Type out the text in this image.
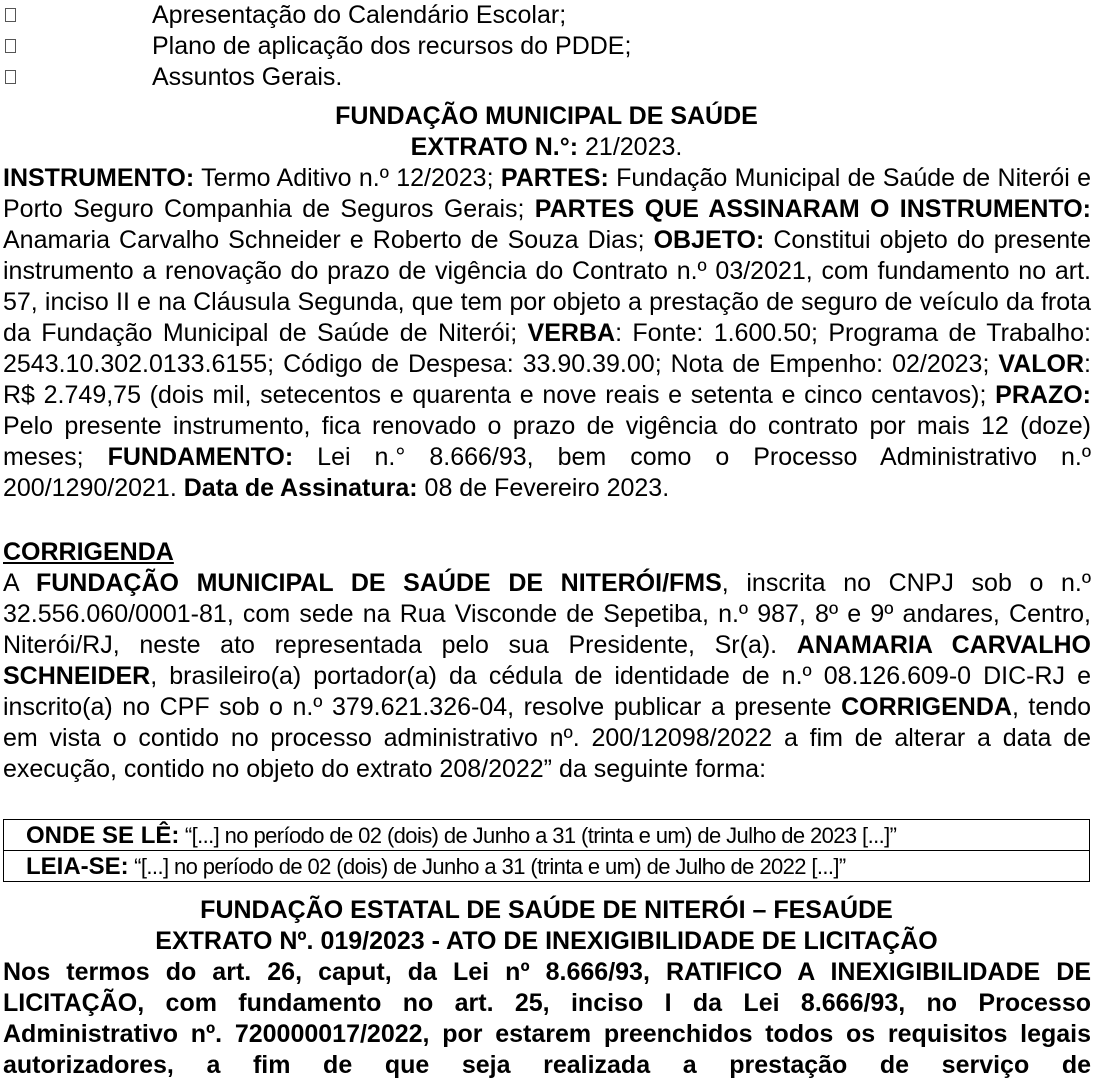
Apresentação do Calendário Escolar;
Plano de aplicação dos recursos do PDDE;
Assuntos Gerais.
FUNDAÇÃO MUNICIPAL DE SAÚDE
EXTRATO N.°: 21/2023.
INSTRUMENTO: Termo Aditivo n.º 12/2023; PARTES: Fundação Municipal de Saúde de Niterói e Porto Seguro Companhia de Seguros Gerais; PARTES QUE ASSINARAM O INSTRUMENTO: Anamaria Carvalho Schneider e Roberto de Souza Dias; OBJETO: Constitui objeto do presente instrumento a renovação do prazo de vigência do Contrato n.º 03/2021, com fundamento no art. 57, inciso II e na Cláusula Segunda, que tem por objeto a prestação de seguro de veículo da frota da Fundação Municipal de Saúde de Niterói; VERBA: Fonte: 1.600.50; Programa de Trabalho: 2543.10.302.0133.6155; Código de Despesa: 33.90.39.00; Nota de Empenho: 02/2023; VALOR: R$ 2.749,75 (dois mil, setecentos e quarenta e nove reais e setenta e cinco centavos); PRAZO: Pelo presente instrumento, fica renovado o prazo de vigência do contrato por mais 12 (doze) meses; FUNDAMENTO: Lei n.° 8.666/93, bem como o Processo Administrativo n.º 200/1290/2021. Data de Assinatura: 08 de Fevereiro 2023.
CORRIGENDA
A FUNDAÇÃO MUNICIPAL DE SAÚDE DE NITERÓI/FMS, inscrita no CNPJ sob o n.º 32.556.060/0001-81, com sede na Rua Visconde de Sepetiba, n.º 987, 8º e 9º andares, Centro, Niterói/RJ, neste ato representada pelo sua Presidente, Sr(a). ANAMARIA CARVALHO SCHNEIDER, brasileiro(a) portador(a) da cédula de identidade de n.º 08.126.609-0 DIC-RJ e inscrito(a) no CPF sob o n.º 379.621.326-04, resolve publicar a presente CORRIGENDA, tendo em vista o contido no processo administrativo nº. 200/12098/2022 a fim de alterar a data de execução, contido no objeto do extrato 208/2022” da seguinte forma:
ONDE SE LÊ: “[...] no período de 02 (dois) de Junho a 31 (trinta e um) de Julho de 2023 [...]”
LEIA-SE: “[...] no período de 02 (dois) de Junho a 31 (trinta e um) de Julho de 2022 [...]”
FUNDAÇÃO ESTATAL DE SAÚDE DE NITERÓI – FESAÚDE
EXTRATO Nº. 019/2023 - ATO DE INEXIGIBILIDADE DE LICITAÇÃO
Nos termos do art. 26, caput, da Lei nº 8.666/93, RATIFICO A INEXIGIBILIDADE DE LICITAÇÃO, com fundamento no art. 25, inciso I da Lei 8.666/93, no Processo Administrativo nº. 720000017/2022, por estarem preenchidos todos os requisitos legais autorizadores, a fim de que seja realizada a prestação de serviço de
